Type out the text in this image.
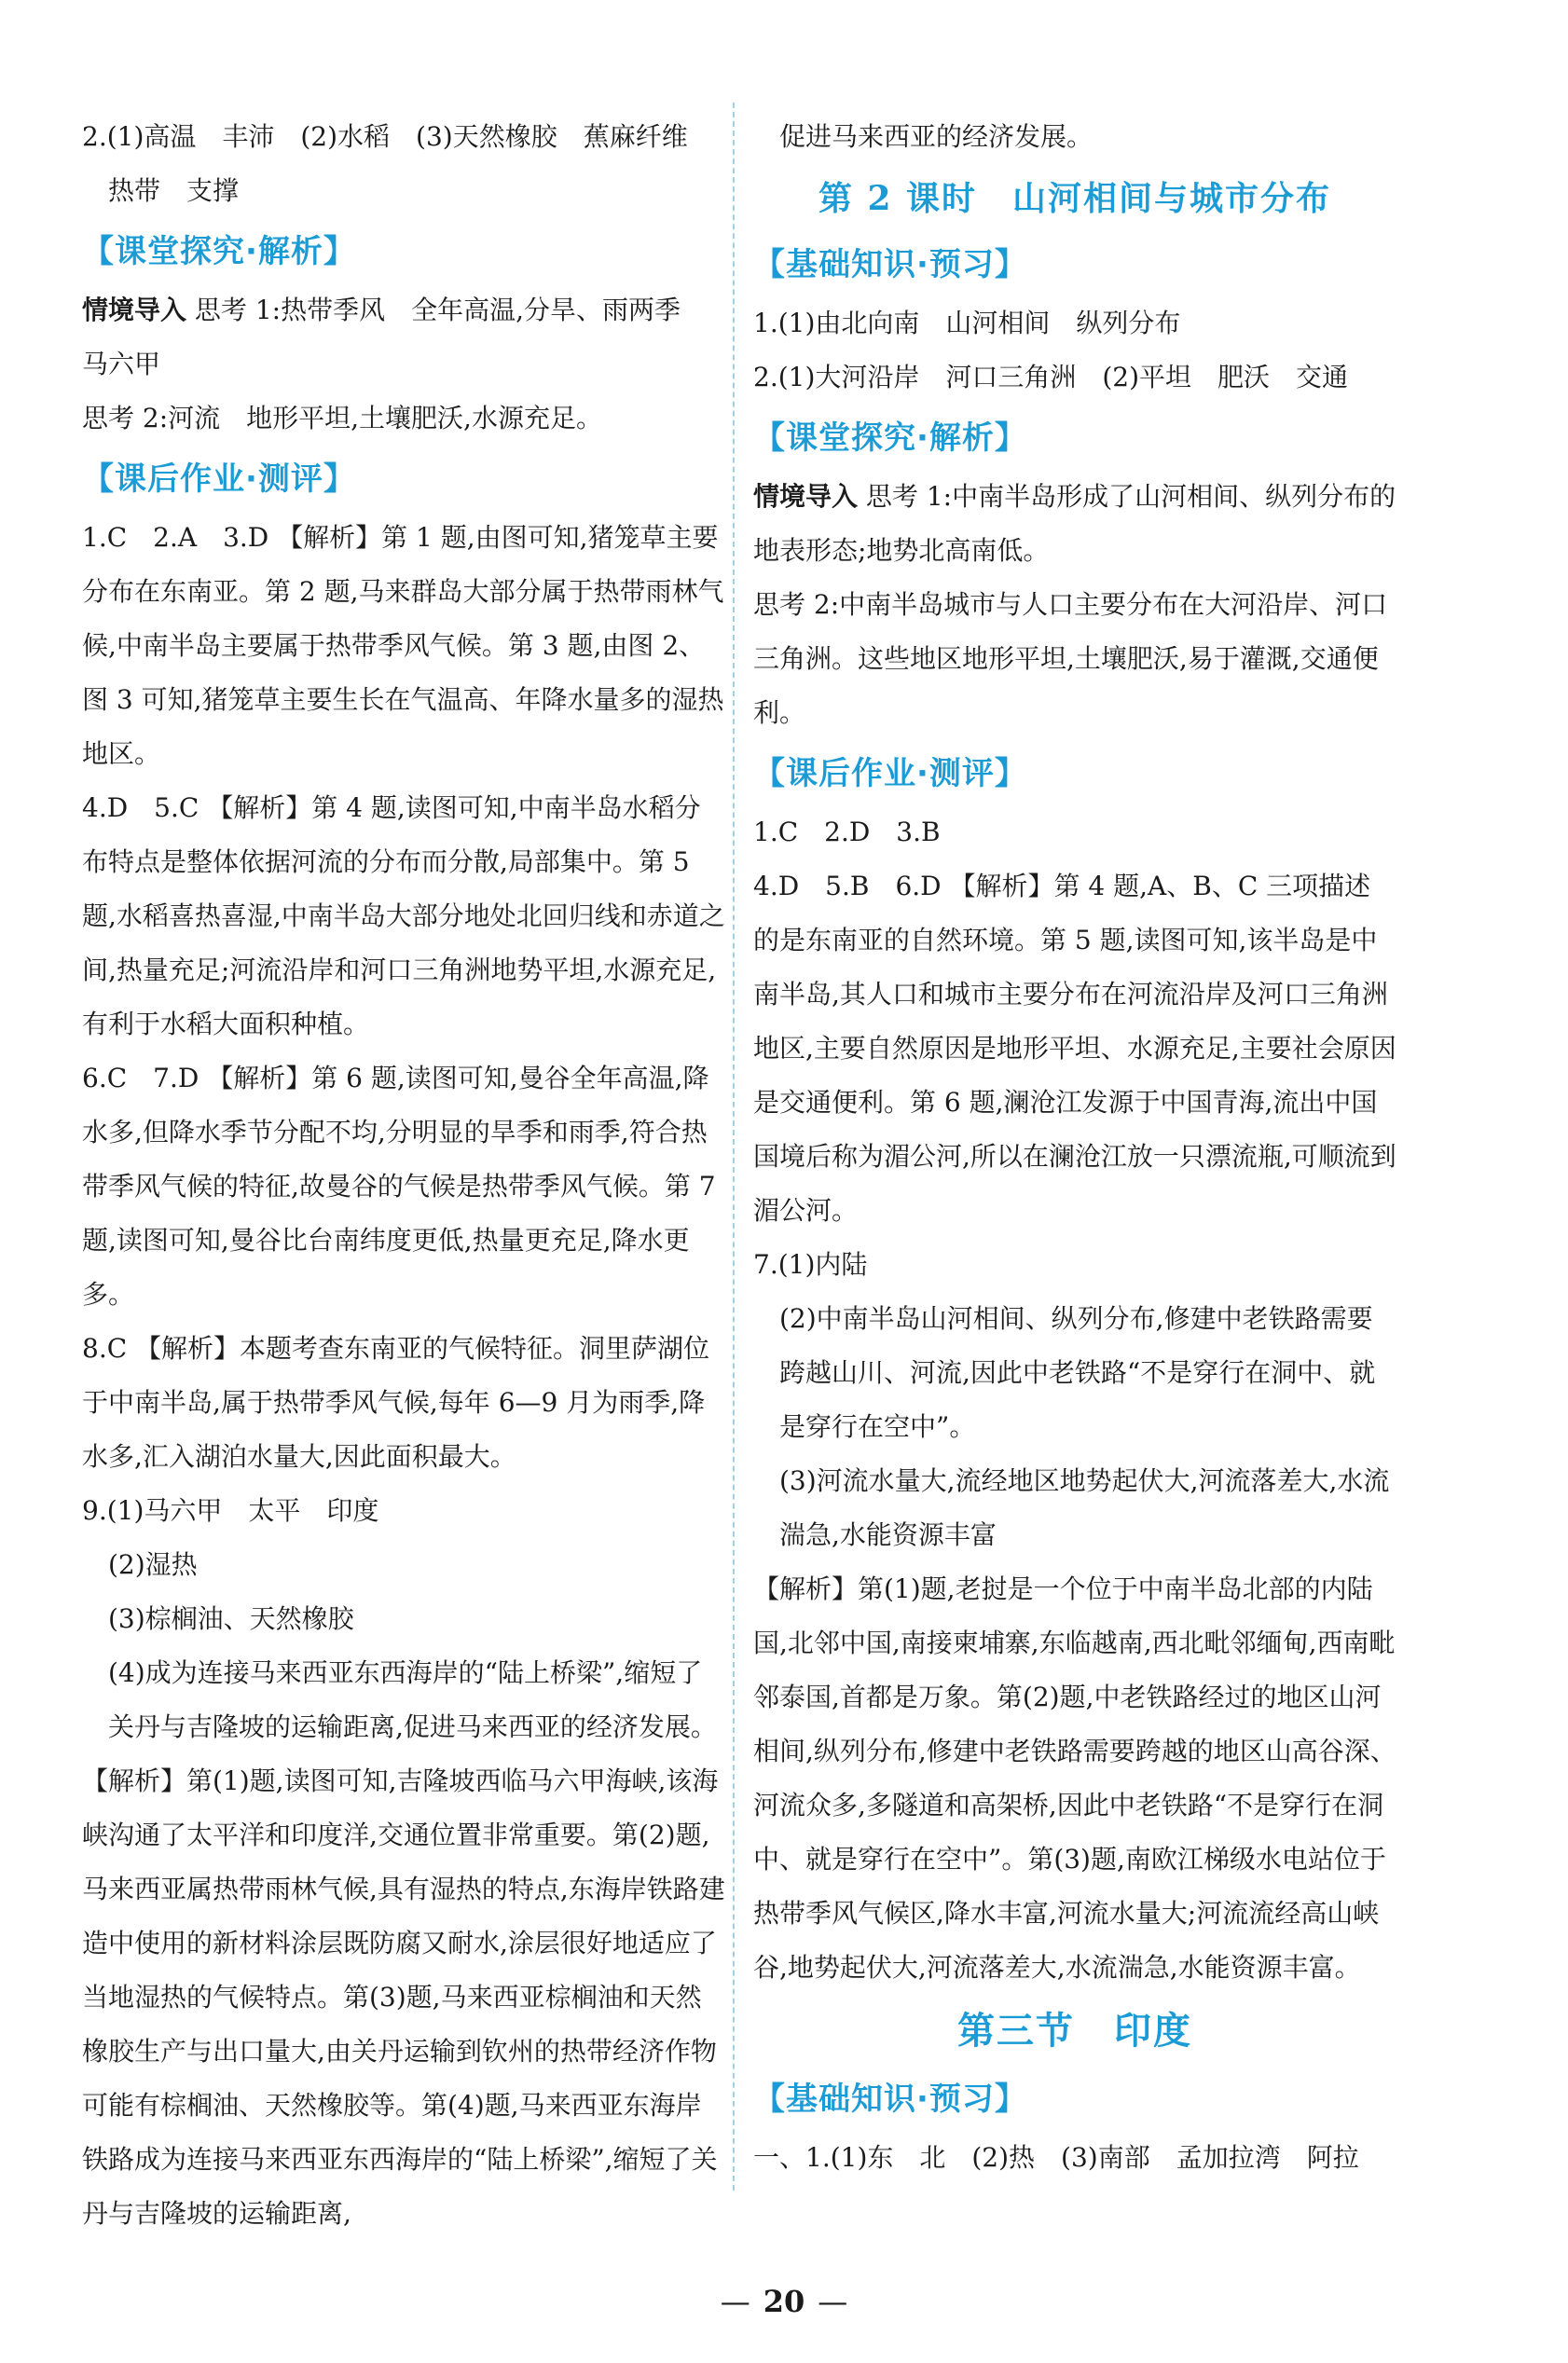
2.(1)高温　丰沛　(2)水稻　(3)天然橡胶　蕉麻纤维

热带　支撑

【课堂探究·解析】

情境导入 思考 1:热带季风　全年高温,分旱、雨两季

马六甲

思考 2:河流　地形平坦,土壤肥沃,水源充足。

【课后作业·测评】

1.C　2.A　3.D 【解析】第 1 题,由图可知,猪笼草主要分布在东南亚。第 2 题,马来群岛大部分属于热带雨林气候,中南半岛主要属于热带季风气候。第 3 题,由图 2、图 3 可知,猪笼草主要生长在气温高、年降水量多的湿热地区。

4.D　5.C 【解析】第 4 题,读图可知,中南半岛水稻分布特点是整体依据河流的分布而分散,局部集中。第 5 题,水稻喜热喜湿,中南半岛大部分地处北回归线和赤道之间,热量充足;河流沿岸和河口三角洲地势平坦,水源充足,有利于水稻大面积种植。

6.C　7.D 【解析】第 6 题,读图可知,曼谷全年高温,降水多,但降水季节分配不均,分明显的旱季和雨季,符合热带季风气候的特征,故曼谷的气候是热带季风气候。第 7 题,读图可知,曼谷比台南纬度更低,热量更充足,降水更多。

8.C 【解析】本题考查东南亚的气候特征。洞里萨湖位于中南半岛,属于热带季风气候,每年 6—9 月为雨季,降水多,汇入湖泊水量大,因此面积最大。

9.(1)马六甲　太平　印度

(2)湿热

(3)棕榈油、天然橡胶

(4)成为连接马来西亚东西海岸的“陆上桥梁”,缩短了关丹与吉隆坡的运输距离,促进马来西亚的经济发展。

【解析】第(1)题,读图可知,吉隆坡西临马六甲海峡,该海峡沟通了太平洋和印度洋,交通位置非常重要。第(2)题,马来西亚属热带雨林气候,具有湿热的特点,东海岸铁路建造中使用的新材料涂层既防腐又耐水,涂层很好地适应了当地湿热的气候特点。第(3)题,马来西亚棕榈油和天然橡胶生产与出口量大,由关丹运输到钦州的热带经济作物可能有棕榈油、天然橡胶等。第(4)题,马来西亚东海岸铁路成为连接马来西亚东西海岸的“陆上桥梁”,缩短了关丹与吉隆坡的运输距离,

促进马来西亚的经济发展。

第 2 课时　山河相间与城市分布
【基础知识·预习】

1.(1)由北向南　山河相间　纵列分布

2.(1)大河沿岸　河口三角洲　(2)平坦　肥沃　交通

【课堂探究·解析】

情境导入 思考 1:中南半岛形成了山河相间、纵列分布的地表形态;地势北高南低。

思考 2:中南半岛城市与人口主要分布在大河沿岸、河口三角洲。这些地区地形平坦,土壤肥沃,易于灌溉,交通便利。

【课后作业·测评】

1.C　2.D　3.B

4.D　5.B　6.D 【解析】第 4 题,A、B、C 三项描述的是东南亚的自然环境。第 5 题,读图可知,该半岛是中南半岛,其人口和城市主要分布在河流沿岸及河口三角洲地区,主要自然原因是地形平坦、水源充足,主要社会原因是交通便利。第 6 题,澜沧江发源于中国青海,流出中国国境后称为湄公河,所以在澜沧江放一只漂流瓶,可顺流到湄公河。

7.(1)内陆

(2)中南半岛山河相间、纵列分布,修建中老铁路需要跨越山川、河流,因此中老铁路“不是穿行在洞中、就是穿行在空中”。

(3)河流水量大,流经地区地势起伏大,河流落差大,水流湍急,水能资源丰富

【解析】第(1)题,老挝是一个位于中南半岛北部的内陆国,北邻中国,南接柬埔寨,东临越南,西北毗邻缅甸,西南毗邻泰国,首都是万象。第(2)题,中老铁路经过的地区山河相间,纵列分布,修建中老铁路需要跨越的地区山高谷深、河流众多,多隧道和高架桥,因此中老铁路“不是穿行在洞中、就是穿行在空中”。第(3)题,南欧江梯级水电站位于热带季风气候区,降水丰富,河流水量大;河流流经高山峡谷,地势起伏大,河流落差大,水流湍急,水能资源丰富。

第三节　印度
【基础知识·预习】

一、1.(1)东　北　(2)热　(3)南部　孟加拉湾　阿拉

— 20 —
